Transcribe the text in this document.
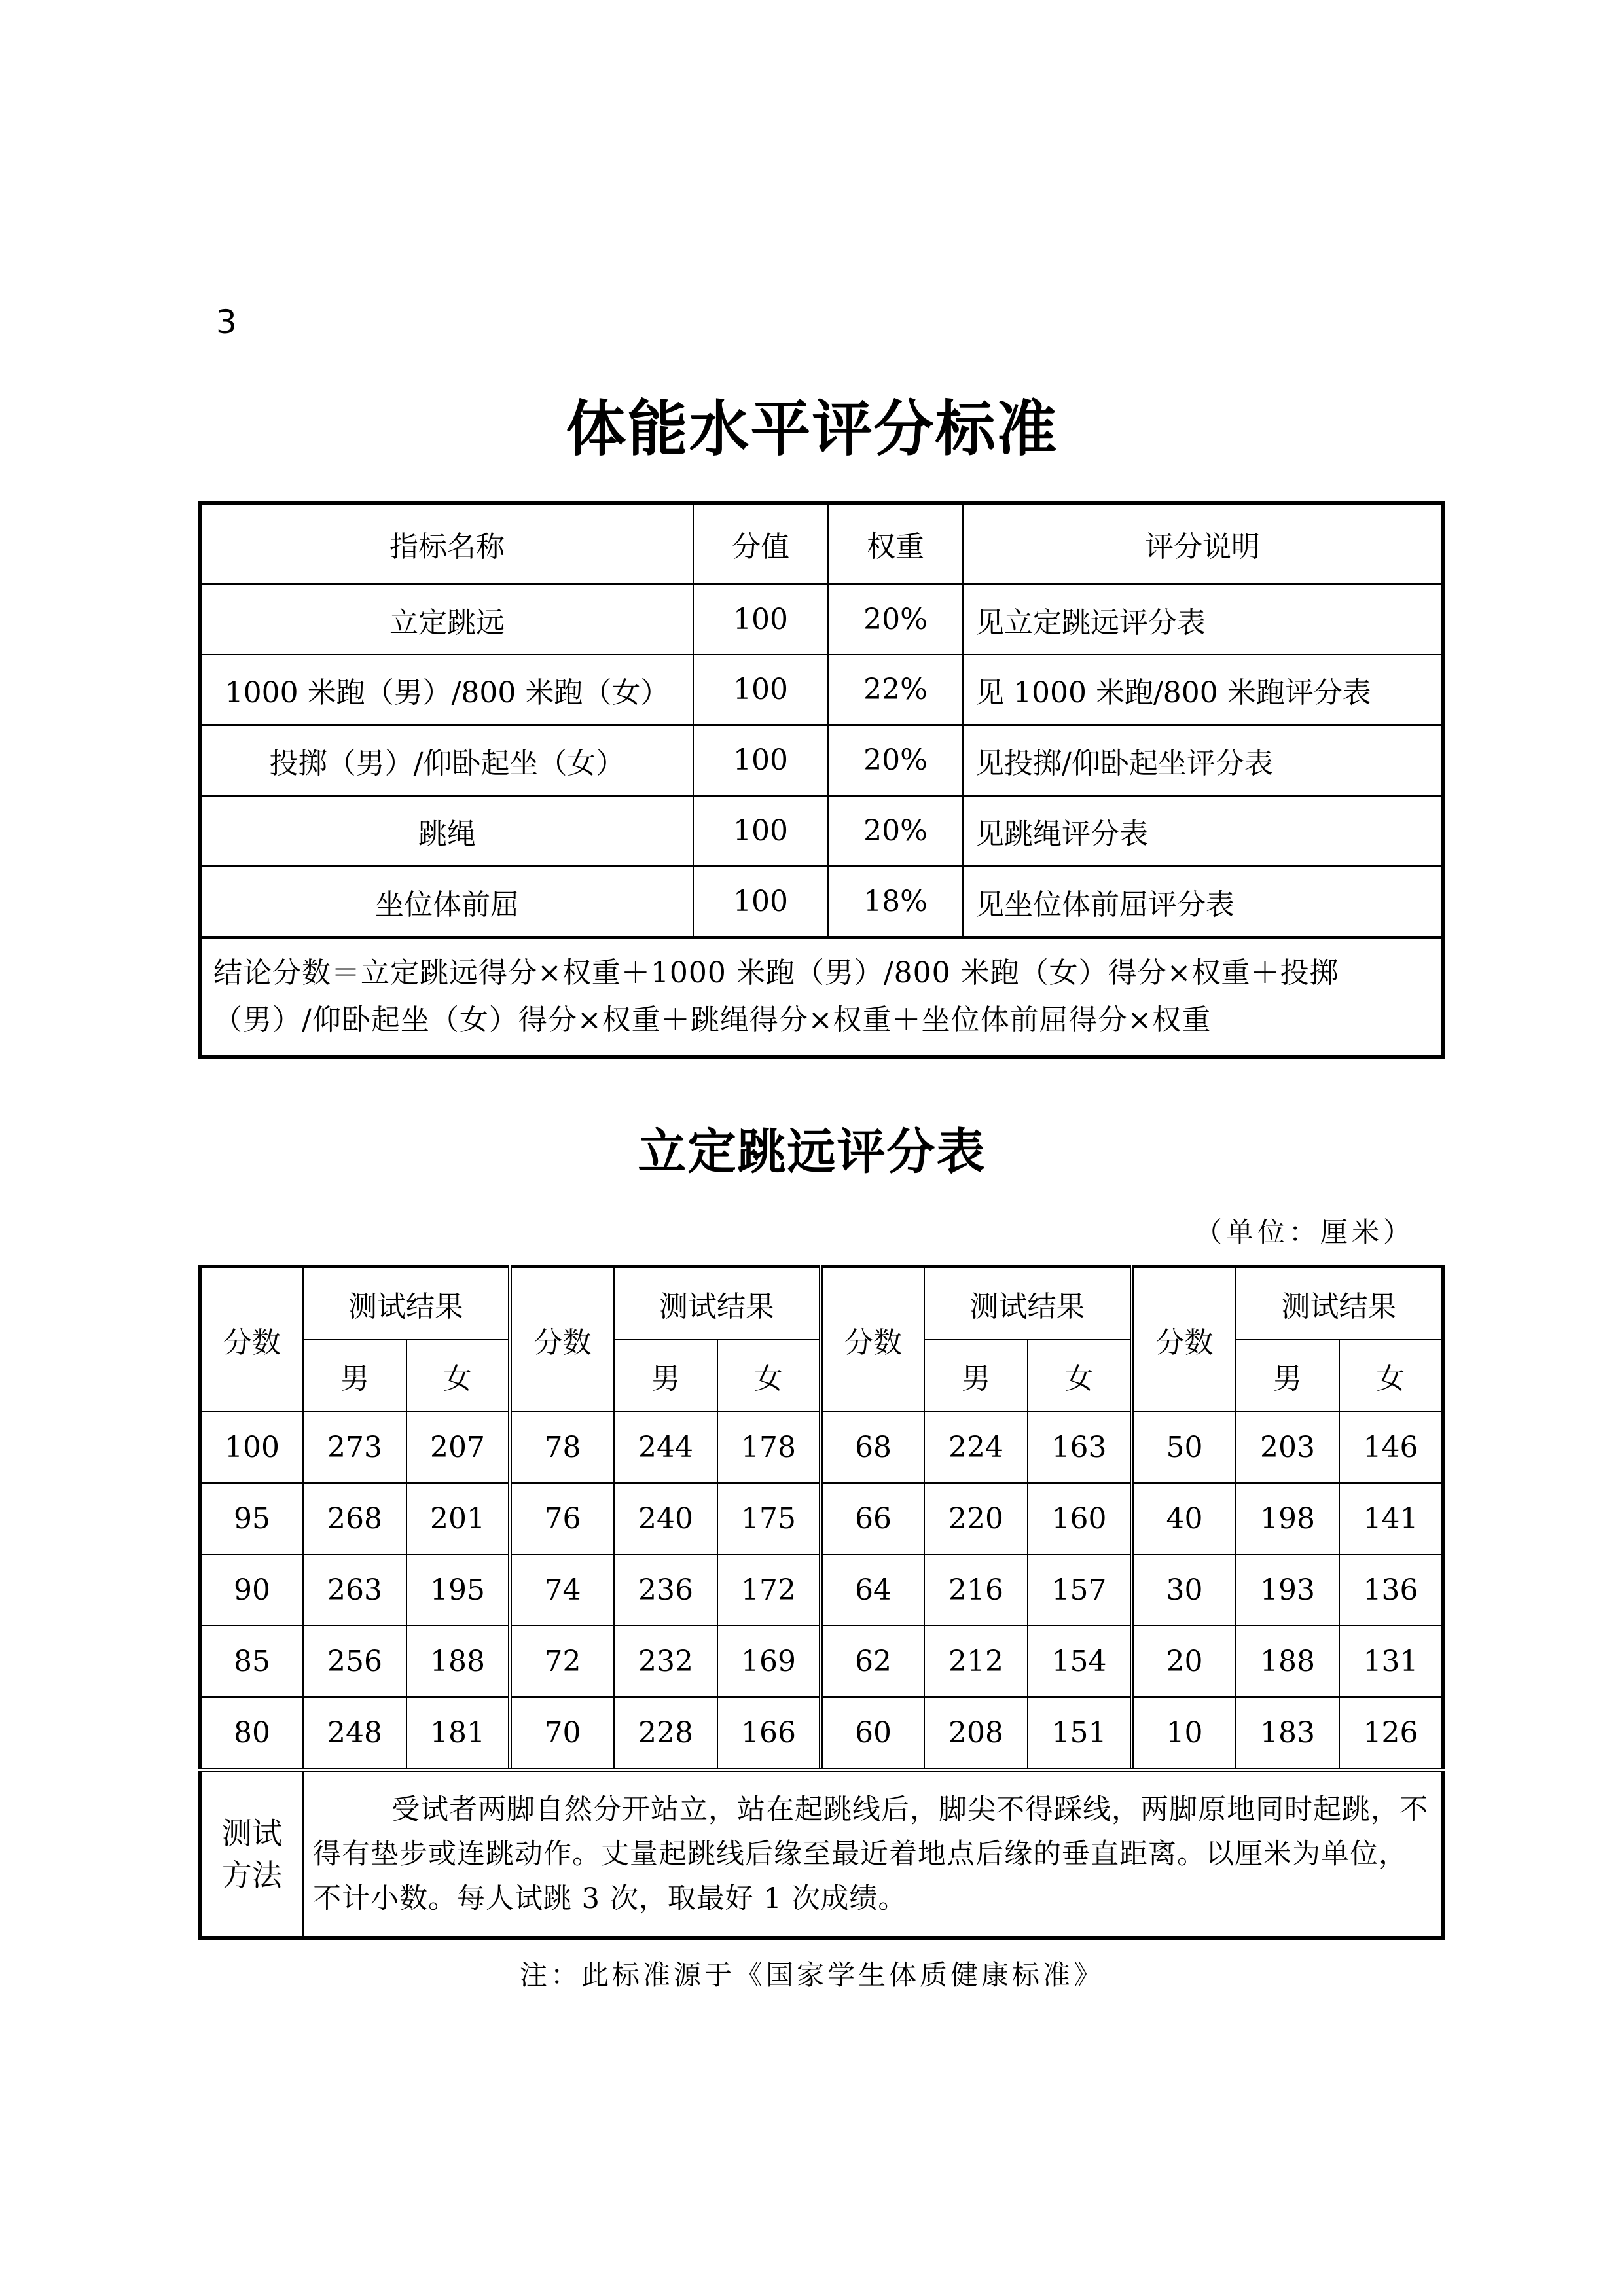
3
体能水平评分标准
指标名称	分值	权重	评分说明
立定跳远	100	20%	见立定跳远评分表
1000 米跑（男）/800 米跑（女）	100	22%	见 1000 米跑/800 米跑评分表
投掷（男）/仰卧起坐（女）	100	20%	见投掷/仰卧起坐评分表
跳绳	100	20%	见跳绳评分表
坐位体前屈	100	18%	见坐位体前屈评分表
结论分数＝立定跳远得分×权重＋1000 米跑（男）/800 米跑（女）得分×权重＋投掷（男）/仰卧起坐（女）得分×权重＋跳绳得分×权重＋坐位体前屈得分×权重			
立定跳远评分表
（单位：厘米）
分数	测试结果		分数	测试结果		分数	测试结果		分数	测试结果	
	男	女		男	女		男	女		男	女
100	273	207	78	244	178	68	224	163	50	203	146
95	268	201	76	240	175	66	220	160	40	198	141
90	263	195	74	236	172	64	216	157	30	193	136
85	256	188	72	232	169	62	212	154	20	188	131
80	248	181	70	228	166	60	208	151	10	183	126
测试方法	受试者两脚自然分开站立，站在起跳线后，脚尖不得踩线，两脚原地同时起跳，不得有垫步或连跳动作。丈量起跳线后缘至最近着地点后缘的垂直距离。以厘米为单位，不计小数。每人试跳 3 次，取最好 1 次成绩。										
注：此标准源于《国家学生体质健康标准》
